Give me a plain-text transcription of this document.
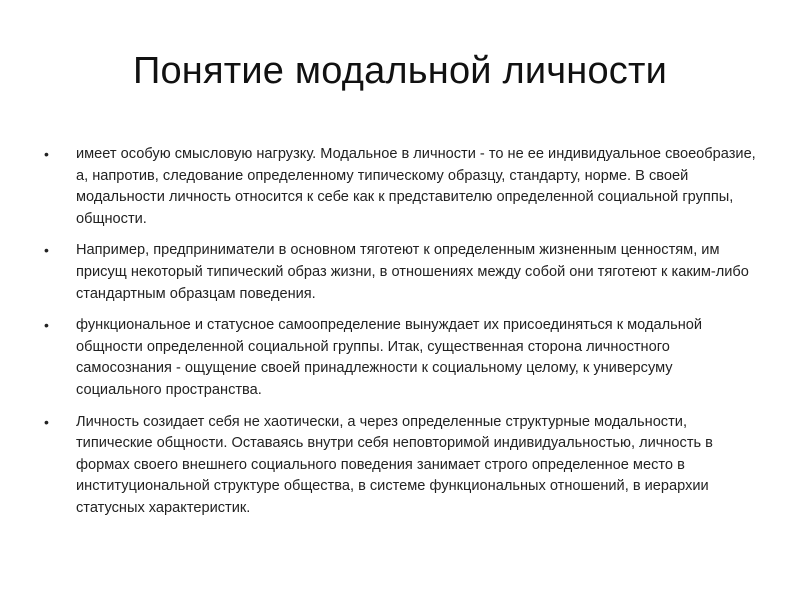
Понятие модальной личности
• имеет особую смысловую нагрузку. Модальное в личности - то не ее индивидуальное своеобразие, а, напротив, следование определенному типическому образцу, стандарту, норме. В своей модальности личность относится к себе как к представителю определенной социальной группы, общности.
• Например, предприниматели в основном тяготеют к определенным жизненным ценностям, им присущ некоторый типический образ жизни, в отношениях между собой они тяготеют к каким-либо стандартным образцам поведения.
• функциональное и статусное самоопределение вынуждает их присоединяться к модальной общности определенной социальной группы. Итак, существенная сторона личностного самосознания - ощущение своей принадлежности к социальному целому, к универсуму социального пространства.
• Личность созидает себя не хаотически, а через определенные структурные модальности, типические общности. Оставаясь внутри себя неповторимой индивидуальностью, личность в формах своего внешнего социального поведения занимает строго определенное место в институциональной структуре общества, в системе функциональных отношений, в иерархии статусных характеристик.
